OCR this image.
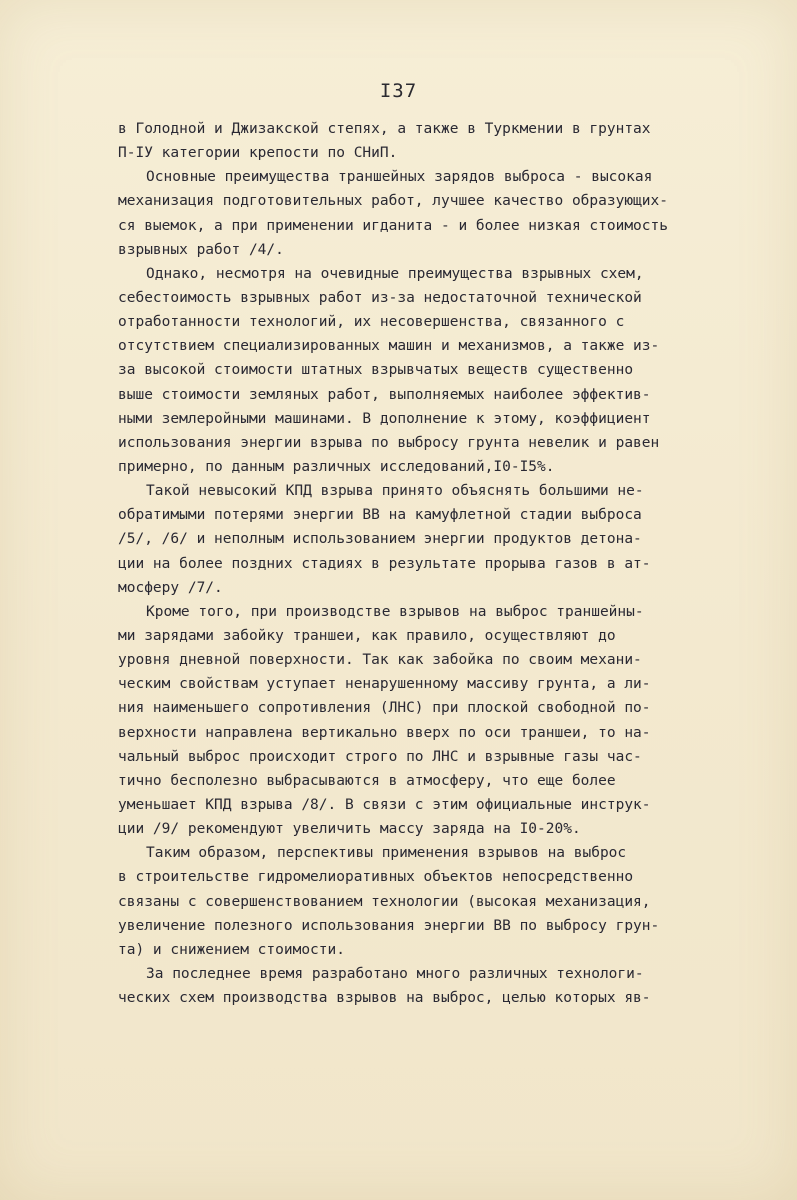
I37
в Голодной и Джизакской степях, а также в Туркмении в грунтах
П-IУ категории крепости по СНиП.
Основные преимущества траншейных зарядов выброса - высокая
механизация подготовительных работ, лучшее качество образующих-
ся выемок, а при применении игданита - и более низкая стоимость
взрывных работ /4/.
Однако, несмотря на очевидные преимущества взрывных схем,
себестоимость взрывных работ из-за недостаточной технической
отработанности технологий, их несовершенства, связанного с
отсутствием специализированных машин и механизмов, а также из-
за высокой стоимости штатных взрывчатых веществ существенно
выше стоимости земляных работ, выполняемых наиболее эффектив-
ными землеройными машинами. В дополнение к этому, коэффициент
использования энергии взрыва по выбросу грунта невелик и равен
примерно, по данным различных исследований,I0-I5%.
Такой невысокий КПД взрыва принято объяснять большими не-
обратимыми потерями энергии ВВ на камуфлетной стадии выброса
/5/, /6/ и неполным использованием энергии продуктов детона-
ции на более поздних стадиях в результате прорыва газов в ат-
мосферу /7/.
Кроме того, при производстве взрывов на выброс траншейны-
ми зарядами забойку траншеи, как правило, осуществляют до
уровня дневной поверхности. Так как забойка по своим механи-
ческим свойствам уступает ненарушенному массиву грунта, а ли-
ния наименьшего сопротивления (ЛНС) при плоской свободной по-
верхности направлена вертикально вверх по оси траншеи, то на-
чальный выброс происходит строго по ЛНС и взрывные газы час-
тично бесполезно выбрасываются в атмосферу, что еще более
уменьшает КПД взрыва /8/. В связи с этим официальные инструк-
ции /9/ рекомендуют увеличить массу заряда на I0-20%.
Таким образом, перспективы применения взрывов на выброс
в строительстве гидромелиоративных объектов непосредственно
связаны с совершенствованием технологии (высокая механизация,
увеличение полезного использования энергии ВВ по выбросу грун-
та) и снижением стоимости.
За последнее время разработано много различных технологи-
ческих схем производства взрывов на выброс, целью которых яв-
